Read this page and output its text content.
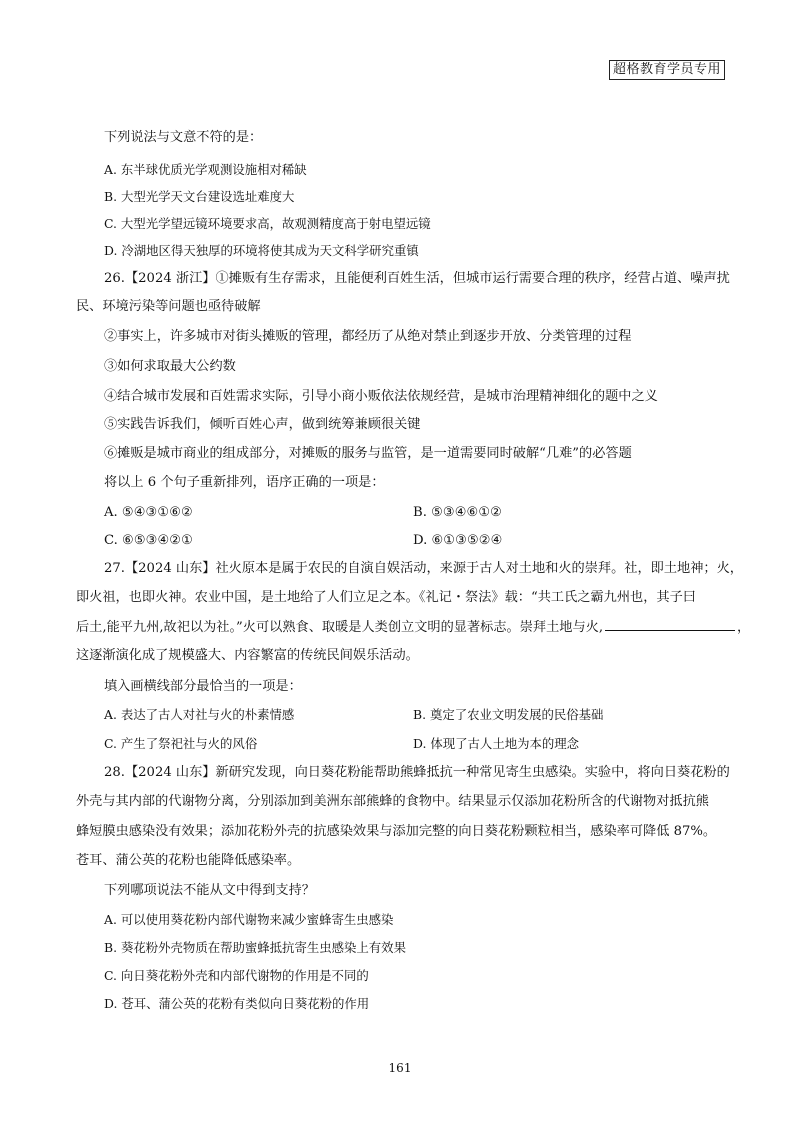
超格教育学员专用
下列说法与文意不符的是：
A. 东半球优质光学观测设施相对稀缺
B. 大型光学天文台建设选址难度大
C. 大型光学望远镜环境要求高，故观测精度高于射电望远镜
D. 冷湖地区得天独厚的环境将使其成为天文科学研究重镇
26.【2024 浙江】①摊贩有生存需求，且能便利百姓生活，但城市运行需要合理的秩序，经营占道、噪声扰
民、环境污染等问题也亟待破解
②事实上，许多城市对街头摊贩的管理，都经历了从绝对禁止到逐步开放、分类管理的过程
③如何求取最大公约数
④结合城市发展和百姓需求实际，引导小商小贩依法依规经营，是城市治理精神细化的题中之义
⑤实践告诉我们，倾听百姓心声，做到统筹兼顾很关键
⑥摊贩是城市商业的组成部分，对摊贩的服务与监管，是一道需要同时破解“几难”的必答题
将以上 6 个句子重新排列，语序正确的一项是：
A. ⑤④③①⑥②	B. ⑤③④⑥①②
C. ⑥⑤③④②①	D. ⑥①③⑤②④
27.【2024 山东】社火原本是属于农民的自演自娱活动，来源于古人对土地和火的崇拜。社，即土地神；火，
即火祖，也即火神。农业中国，是土地给了人们立足之本。《礼记・祭法》载：“共工氏之霸九州也，其子曰
后土,能平九州,故祀以为社。”火可以熟食、取暖是人类创立文明的显著标志。崇拜土地与火,	，
这逐渐演化成了规模盛大、内容繁富的传统民间娱乐活动。
填入画横线部分最恰当的一项是：
A. 表达了古人对社与火的朴素情感	B. 奠定了农业文明发展的民俗基础
C. 产生了祭祀社与火的风俗	D. 体现了古人土地为本的理念
28.【2024 山东】新研究发现，向日葵花粉能帮助熊蜂抵抗一种常见寄生虫感染。实验中，将向日葵花粉的
外壳与其内部的代谢物分离，分别添加到美洲东部熊蜂的食物中。结果显示仅添加花粉所含的代谢物对抵抗熊
蜂短膜虫感染没有效果；添加花粉外壳的抗感染效果与添加完整的向日葵花粉颗粒相当，感染率可降低 87%。
苍耳、蒲公英的花粉也能降低感染率。
下列哪项说法不能从文中得到支持？
A. 可以使用葵花粉内部代谢物来减少蜜蜂寄生虫感染
B. 葵花粉外壳物质在帮助蜜蜂抵抗寄生虫感染上有效果
C. 向日葵花粉外壳和内部代谢物的作用是不同的
D. 苍耳、蒲公英的花粉有类似向日葵花粉的作用
161
